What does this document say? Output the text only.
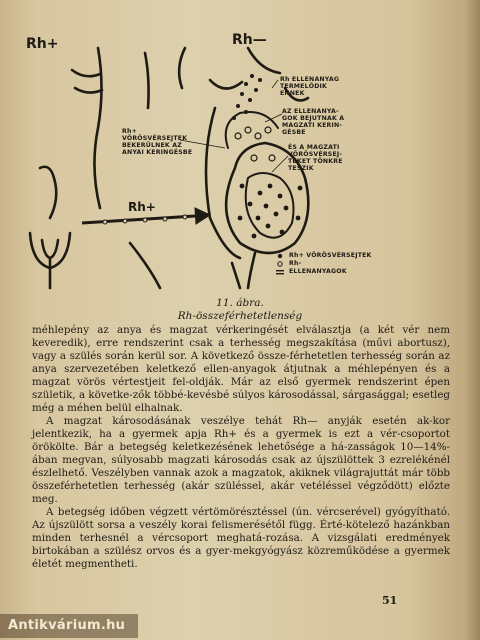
Rh+	Rh—
Rh+
Rh ELLENANYAG
TERMELŐDIK
ENNEK
AZ ELLENANYA-
GOK BEJUTNAK A
MAGZATI KERIN-
GÉSBE
Rh+
VÖRÖSVÉRSEJTEK
BEKERÜLNEK AZ
ANYAI KERINGÉSBE
ÉS A MAGZATI
VÖRÖSVÉRSEJ-
TEKET TÖNKRE
TESZIK
Rh+ VÖRÖSVÉRSEJTEK
Rh-
ELLENANYAGOK
11. ábra.
Rh-összeférhetetlenség

méhlepény az anya és magzat vérkeringését elválasztja (a két vér nem keveredik), erre rendszerint csak a terhesség megszakítása (művi abortusz), vagy a szülés során kerül sor. A következő össze-férhetetlen terhesség során az anya szervezetében keletkező ellen-anyagok átjutnak a méhlepényen és a magzat vörös vértestjeit fel-oldják. Már az első gyermek rendszerint épen születik, a követke-zők többé-kevésbé súlyos károsodással, sárgasággal; esetleg még a méhen belül elhalnak.

A magzat károsodásának veszélye tehát Rh— anyják esetén ak-kor jelentkezik, ha a gyermek apja Rh+ és a gyermek is ezt a vér-csoportot örökölte. Bár a betegség keletkezésének lehetősége a há-zasságok 10—14%-ában megvan, súlyosabb magzati károsodás csak az újszülöttek 3 ezrelékénél észlelhető. Veszélyben vannak azok a magzatok, akiknek világrajuttát már több összeférhetetlen terhesség (akár szüléssel, akár vetéléssel végződött) előzte meg.

A betegség időben végzett vértömörésztéssel (ún. vércserével) gyógyítható. Az újszülött sorsa a veszély korai felismerésétől függ. Érté-kötelező hazánkban minden terhesnél a vércsoport meghatá-rozása. A vizsgálati eredmények birtokában a szülész orvos és a gyer-mekgyógyász közreműködése a gyermek életét megmentheti.

51
Antikvárium.hu
